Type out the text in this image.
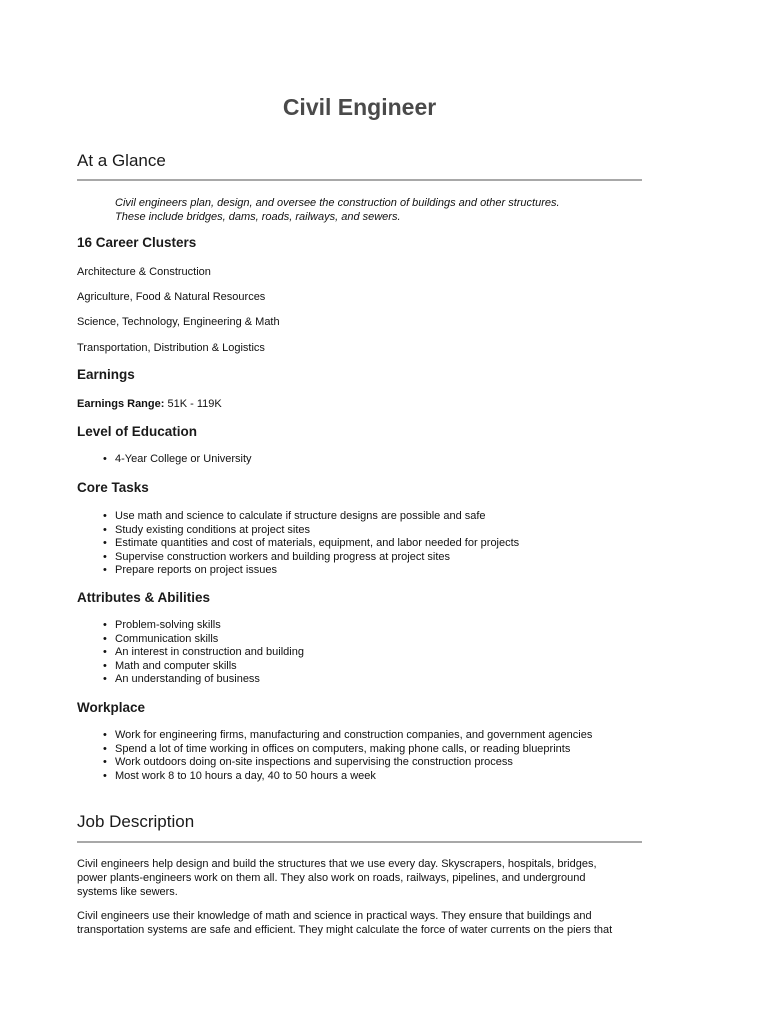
Civil Engineer
At a Glance
Civil engineers plan, design, and oversee the construction of buildings and other structures.
These include bridges, dams, roads, railways, and sewers.
16 Career Clusters
Architecture & Construction
Agriculture, Food & Natural Resources
Science, Technology, Engineering & Math
Transportation, Distribution & Logistics
Earnings
Earnings Range: 51K - 119K
Level of Education
• 4-Year College or University
Core Tasks
• Use math and science to calculate if structure designs are possible and safe
• Study existing conditions at project sites
• Estimate quantities and cost of materials, equipment, and labor needed for projects
• Supervise construction workers and building progress at project sites
• Prepare reports on project issues
Attributes & Abilities
• Problem-solving skills
• Communication skills
• An interest in construction and building
• Math and computer skills
• An understanding of business
Workplace
• Work for engineering firms, manufacturing and construction companies, and government agencies
• Spend a lot of time working in offices on computers, making phone calls, or reading blueprints
• Work outdoors doing on-site inspections and supervising the construction process
• Most work 8 to 10 hours a day, 40 to 50 hours a week
Job Description
Civil engineers help design and build the structures that we use every day. Skyscrapers, hospitals, bridges, power plants-engineers work on them all. They also work on roads, railways, pipelines, and underground systems like sewers.
Civil engineers use their knowledge of math and science in practical ways. They ensure that buildings and transportation systems are safe and efficient. They might calculate the force of water currents on the piers that
